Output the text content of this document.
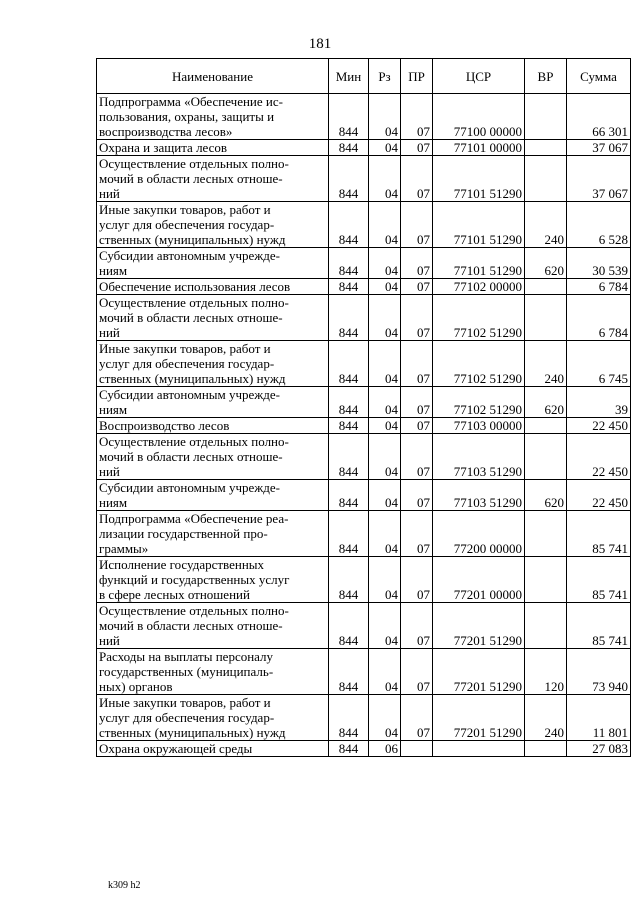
181
Наименование	Мин	Рз	ПР	ЦСР	ВР	Сумма
Подпрограмма «Обеспечение ис-
пользования, охраны, защиты и
воспроизводства лесов»	844	04	07	77100 00000		66 301
Охрана и защита лесов	844	04	07	77101 00000		37 067
Осуществление отдельных полно-
мочий в области лесных отноше-
ний	844	04	07	77101 51290		37 067
Иные закупки товаров, работ и
услуг для обеспечения государ-
ственных (муниципальных) нужд	844	04	07	77101 51290	240	6 528
Субсидии автономным учрежде-
ниям	844	04	07	77101 51290	620	30 539
Обеспечение использования лесов	844	04	07	77102 00000		6 784
Осуществление отдельных полно-
мочий в области лесных отноше-
ний	844	04	07	77102 51290		6 784
Иные закупки товаров, работ и
услуг для обеспечения государ-
ственных (муниципальных) нужд	844	04	07	77102 51290	240	6 745
Субсидии автономным учрежде-
ниям	844	04	07	77102 51290	620	39
Воспроизводство лесов	844	04	07	77103 00000		22 450
Осуществление отдельных полно-
мочий в области лесных отноше-
ний	844	04	07	77103 51290		22 450
Субсидии автономным учрежде-
ниям	844	04	07	77103 51290	620	22 450
Подпрограмма «Обеспечение реа-
лизации государственной про-
граммы»	844	04	07	77200 00000		85 741
Исполнение государственных
функций и государственных услуг
в сфере лесных отношений	844	04	07	77201 00000		85 741
Осуществление отдельных полно-
мочий в области лесных отноше-
ний	844	04	07	77201 51290		85 741
Расходы на выплаты персоналу
государственных (муниципаль-
ных) органов	844	04	07	77201 51290	120	73 940
Иные закупки товаров, работ и
услуг для обеспечения государ-
ственных (муниципальных) нужд	844	04	07	77201 51290	240	11 801
Охрана окружающей среды	844	06				27 083
k309 h2
